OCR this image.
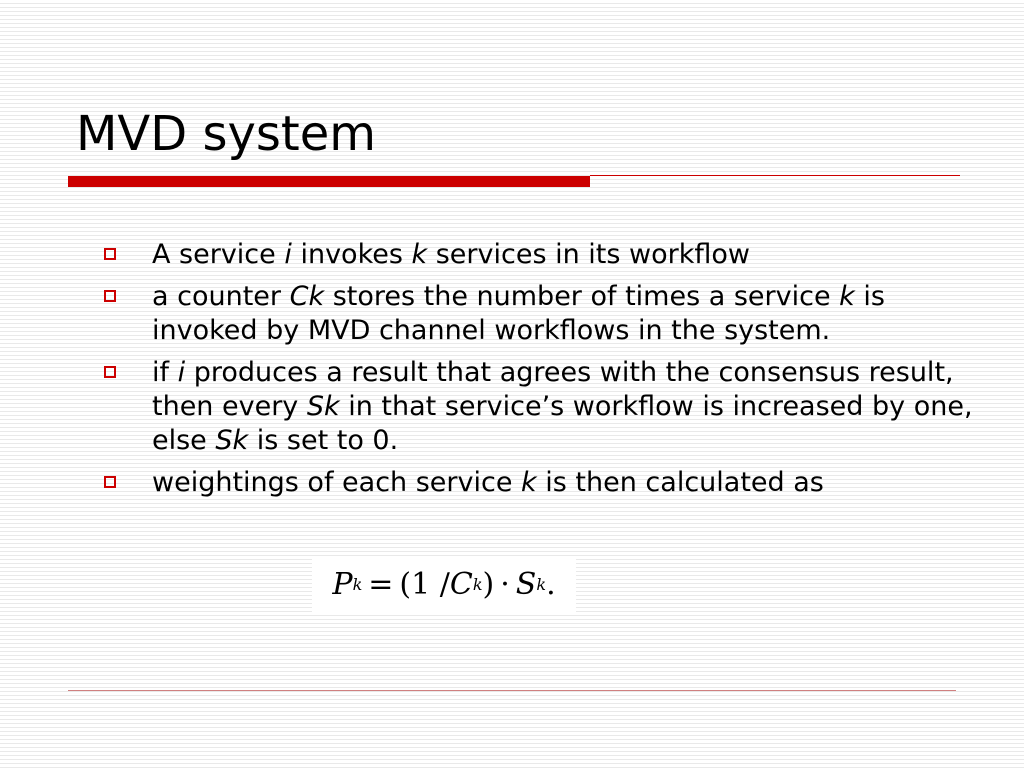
MVD system
A service i invokes k services in its workflow
a counter Ck stores the number of times a service k is invoked by MVD channel workflows in the system.
if i produces a result that agrees with the consensus result, then every Sk in that service’s workflow is increased by one, else Sk is set to 0.
weightings of each service k is then calculated as
P k = (1 / C k ) · S k .
